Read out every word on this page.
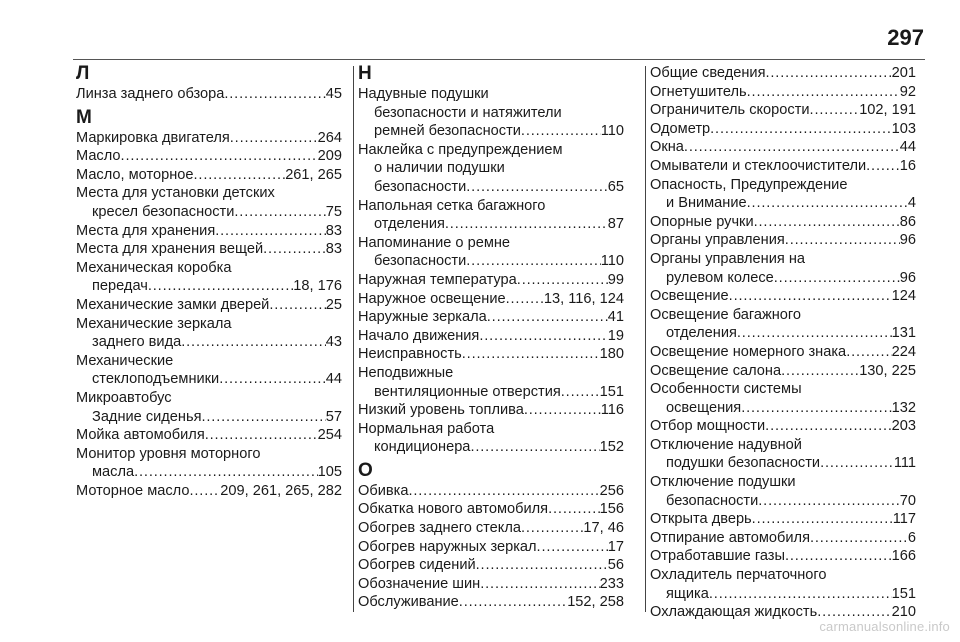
297
Л
Линза заднего обзора . . .	45
М
Маркировка двигателя . . .	264
Масло . . .	209
Масло, моторное . . .	261, 265
Места для установки детских
кресел безопасности . . .	75
Места для хранения . . .	83
Места для хранения вещей . . .	83
Механическая коробка
передач . . .	18, 176
Механические замки дверей . . .	25
Механические зеркала
заднего вида . . .	43
Механические
стеклоподъемники . . .	44
Микроавтобус
Задние сиденья . . .	57
Мойка автомобиля . . .	254
Монитор уровня моторного
масла . . .	105
Моторное масло . . . 209, 261, 265, 282
Н
Надувные подушки
безопасности и натяжители
ремней безопасности . . .	110
Наклейка с предупреждением
о наличии подушки
безопасности . . .	65
Напольная сетка багажного
отделения . . .	87
Напоминание о ремне
безопасности . . .	110
Наружная температура . . .	99
Наружное освещение . . .	13, 116, 124
Наружные зеркала . . .	41
Начало движения . . .	19
Неисправность . . .	180
Неподвижные
вентиляционные отверстия . . .	151
Низкий уровень топлива . . .	116
Нормальная работа
кондиционера . . .	152
О
Обивка . . .	256
Обкатка нового автомобиля . . .	156
Обогрев заднего стекла . . .	17, 46
Обогрев наружных зеркал . . .	17
Обогрев сидений . . .	56
Обозначение шин . . .	233
Обслуживание . . .	152, 258
Общие сведения . . .	201
Огнетушитель . . .	92
Ограничитель скорости . . .	102, 191
Одометр . . .	103
Окна . . .	44
Омыватели и стеклоочистители . . . 16
Опасность, Предупреждение
и Внимание . . .	4
Опорные ручки . . .	86
Органы управления . . .	96
Органы управления на
рулевом колесе . . .	96
Освещение . . .	124
Освещение багажного
отделения . . .	131
Освещение номерного знака . . .	224
Освещение салона . . .	130, 225
Особенности системы
освещения . . .	132
Отбор мощности . . .	203
Отключение надувной
подушки безопасности . . .	111
Отключение подушки
безопасности . . .	70
Открыта дверь . . .	117
Отпирание автомобиля . . .	6
Отработавшие газы . . .	166
Охладитель перчаточного
ящика . . .	151
Охлаждающая жидкость . . .	210
carmanualsonline.info
